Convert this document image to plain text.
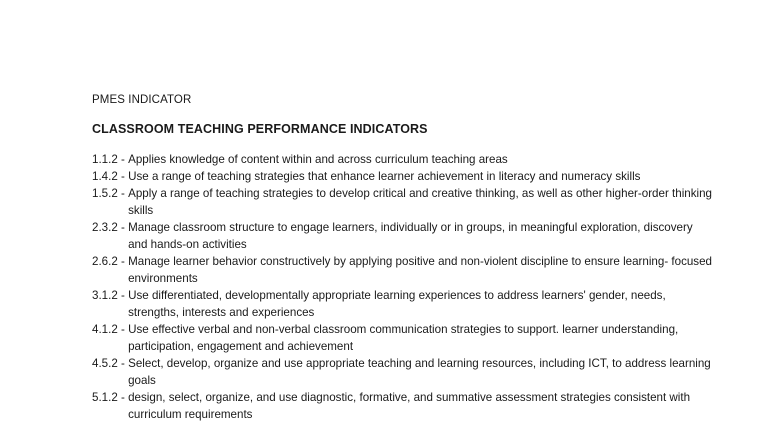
PMES INDICATOR
CLASSROOM TEACHING PERFORMANCE INDICATORS
1.1.2 - Applies knowledge of content within and across curriculum teaching areas
1.4.2 - Use a range of teaching strategies that enhance learner achievement in literacy and numeracy skills
1.5.2 - Apply a range of teaching strategies to develop critical and creative thinking, as well as other higher-order thinking skills
2.3.2 - Manage classroom structure to engage learners, individually or in groups, in meaningful exploration, discovery and hands-on activities
2.6.2 - Manage learner behavior constructively by applying positive and non-violent discipline to ensure learning- focused environments
3.1.2 - Use differentiated, developmentally appropriate learning experiences to address learners' gender, needs, strengths, interests and experiences
4.1.2 - Use effective verbal and non-verbal classroom communication strategies to support. learner understanding, participation, engagement and achievement
4.5.2 - Select, develop, organize and use appropriate teaching and learning resources, including ICT, to address learning goals
5.1.2 - design, select, organize, and use diagnostic, formative, and summative assessment strategies consistent with curriculum requirements
